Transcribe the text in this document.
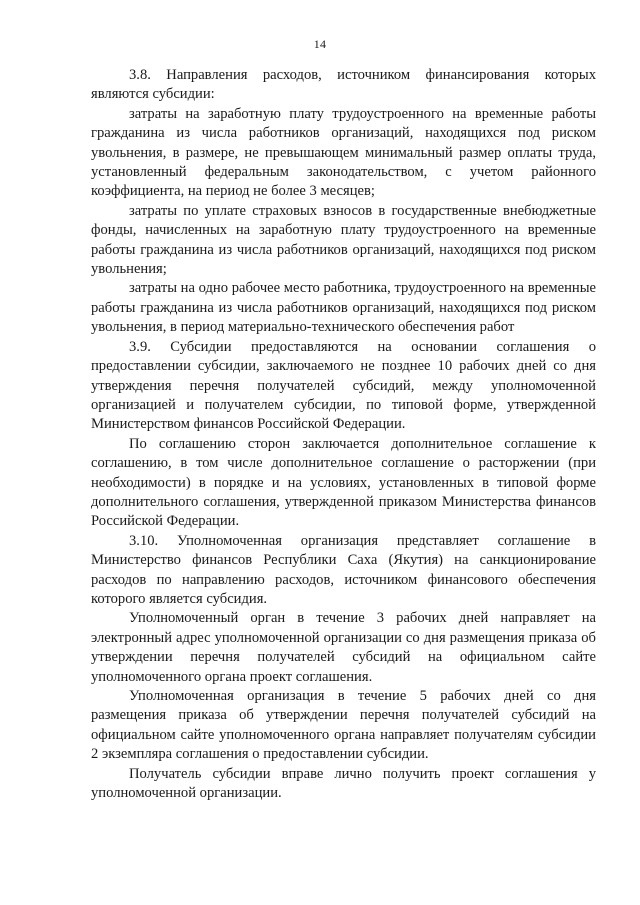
14

3.8. Направления расходов, источником финансирования которых являются субсидии:

затраты на заработную плату трудоустроенного на временные работы гражданина из числа работников организаций, находящихся под риском увольнения, в размере, не превышающем минимальный размер оплаты труда, установленный федеральным законодательством, с учетом районного коэффициента, на период не более 3 месяцев;

затраты по уплате страховых взносов в государственные внебюджетные фонды, начисленных на заработную плату трудоустроенного на временные работы гражданина из числа работников организаций, находящихся под риском увольнения;

затраты на одно рабочее место работника, трудоустроенного на временные работы гражданина из числа работников организаций, находящихся под риском увольнения, в период материально-технического обеспечения работ

3.9. Субсидии предоставляются на основании соглашения о предоставлении субсидии, заключаемого не позднее 10 рабочих дней со дня утверждения перечня получателей субсидий, между уполномоченной организацией и получателем субсидии, по типовой форме, утвержденной Министерством финансов Российской Федерации.

По соглашению сторон заключается дополнительное соглашение к соглашению, в том числе дополнительное соглашение о расторжении (при необходимости) в порядке и на условиях, установленных в типовой форме дополнительного соглашения, утвержденной приказом Министерства финансов Российской Федерации.

3.10. Уполномоченная организация представляет соглашение в Министерство финансов Республики Саха (Якутия) на санкционирование расходов по направлению расходов, источником финансового обеспечения которого является субсидия.

Уполномоченный орган в течение 3 рабочих дней направляет на электронный адрес уполномоченной организации со дня размещения приказа об утверждении перечня получателей субсидий на официальном сайте уполномоченного органа проект соглашения.

Уполномоченная организация в течение 5 рабочих дней со дня размещения приказа об утверждении перечня получателей субсидий на официальном сайте уполномоченного органа направляет получателям субсидии 2 экземпляра соглашения о предоставлении субсидии.

Получатель субсидии вправе лично получить проект соглашения у уполномоченной организации.
